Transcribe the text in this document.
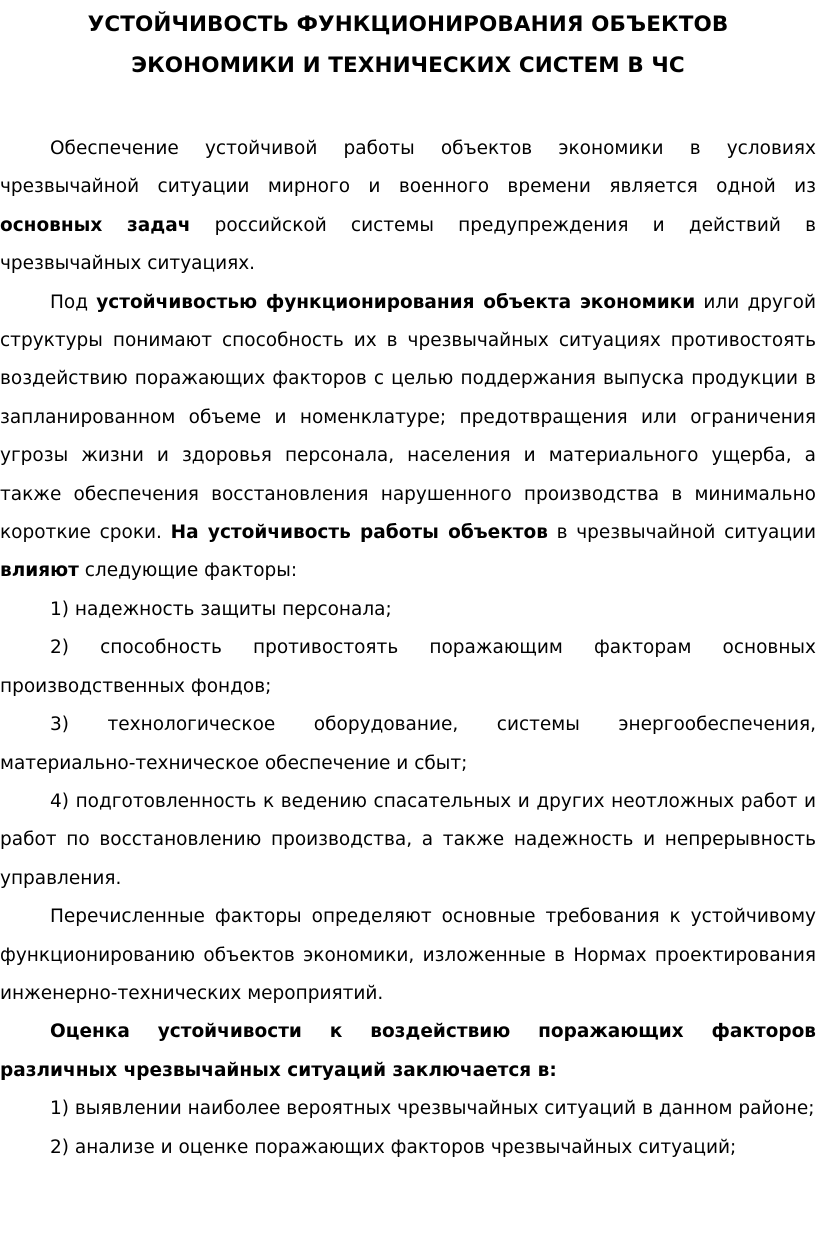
УСТОЙЧИВОСТЬ ФУНКЦИОНИРОВАНИЯ ОБЪЕКТОВ
ЭКОНОМИКИ И ТЕХНИЧЕСКИХ СИСТЕМ В ЧС

Обеспечение устойчивой работы объектов экономики в условиях чрезвычайной ситуации мирного и военного времени является одной из основных задач российской системы предупреждения и действий в чрезвычайных ситуациях.

Под устойчивостью функционирования объекта экономики или другой структуры понимают способность их в чрезвычайных ситуациях противостоять воздействию поражающих факторов с целью поддержания выпуска продукции в запланированном объеме и номенклатуре; предотвращения или ограничения угрозы жизни и здоровья персонала, населения и материального ущерба, а также обеспечения восстановления нарушенного производства в минимально короткие сроки. На устойчивость работы объектов в чрезвычайной ситуации влияют следующие факторы:

1) надежность защиты персонала;

2) способность противостоять поражающим факторам основных производственных фондов;

3) технологическое оборудование, системы энергообеспечения, материально-техническое обеспечение и сбыт;

4) подготовленность к ведению спасательных и других неотложных работ и работ по восстановлению производства, а также надежность и непрерывность управления.

Перечисленные факторы определяют основные требования к устойчивому функционированию объектов экономики, изложенные в Нормах проектирования инженерно-технических мероприятий.

Оценка устойчивости к воздействию поражающих факторов различных чрезвычайных ситуаций заключается в:

1) выявлении наиболее вероятных чрезвычайных ситуаций в данном районе;

2) анализе и оценке поражающих факторов чрезвычайных ситуаций;
